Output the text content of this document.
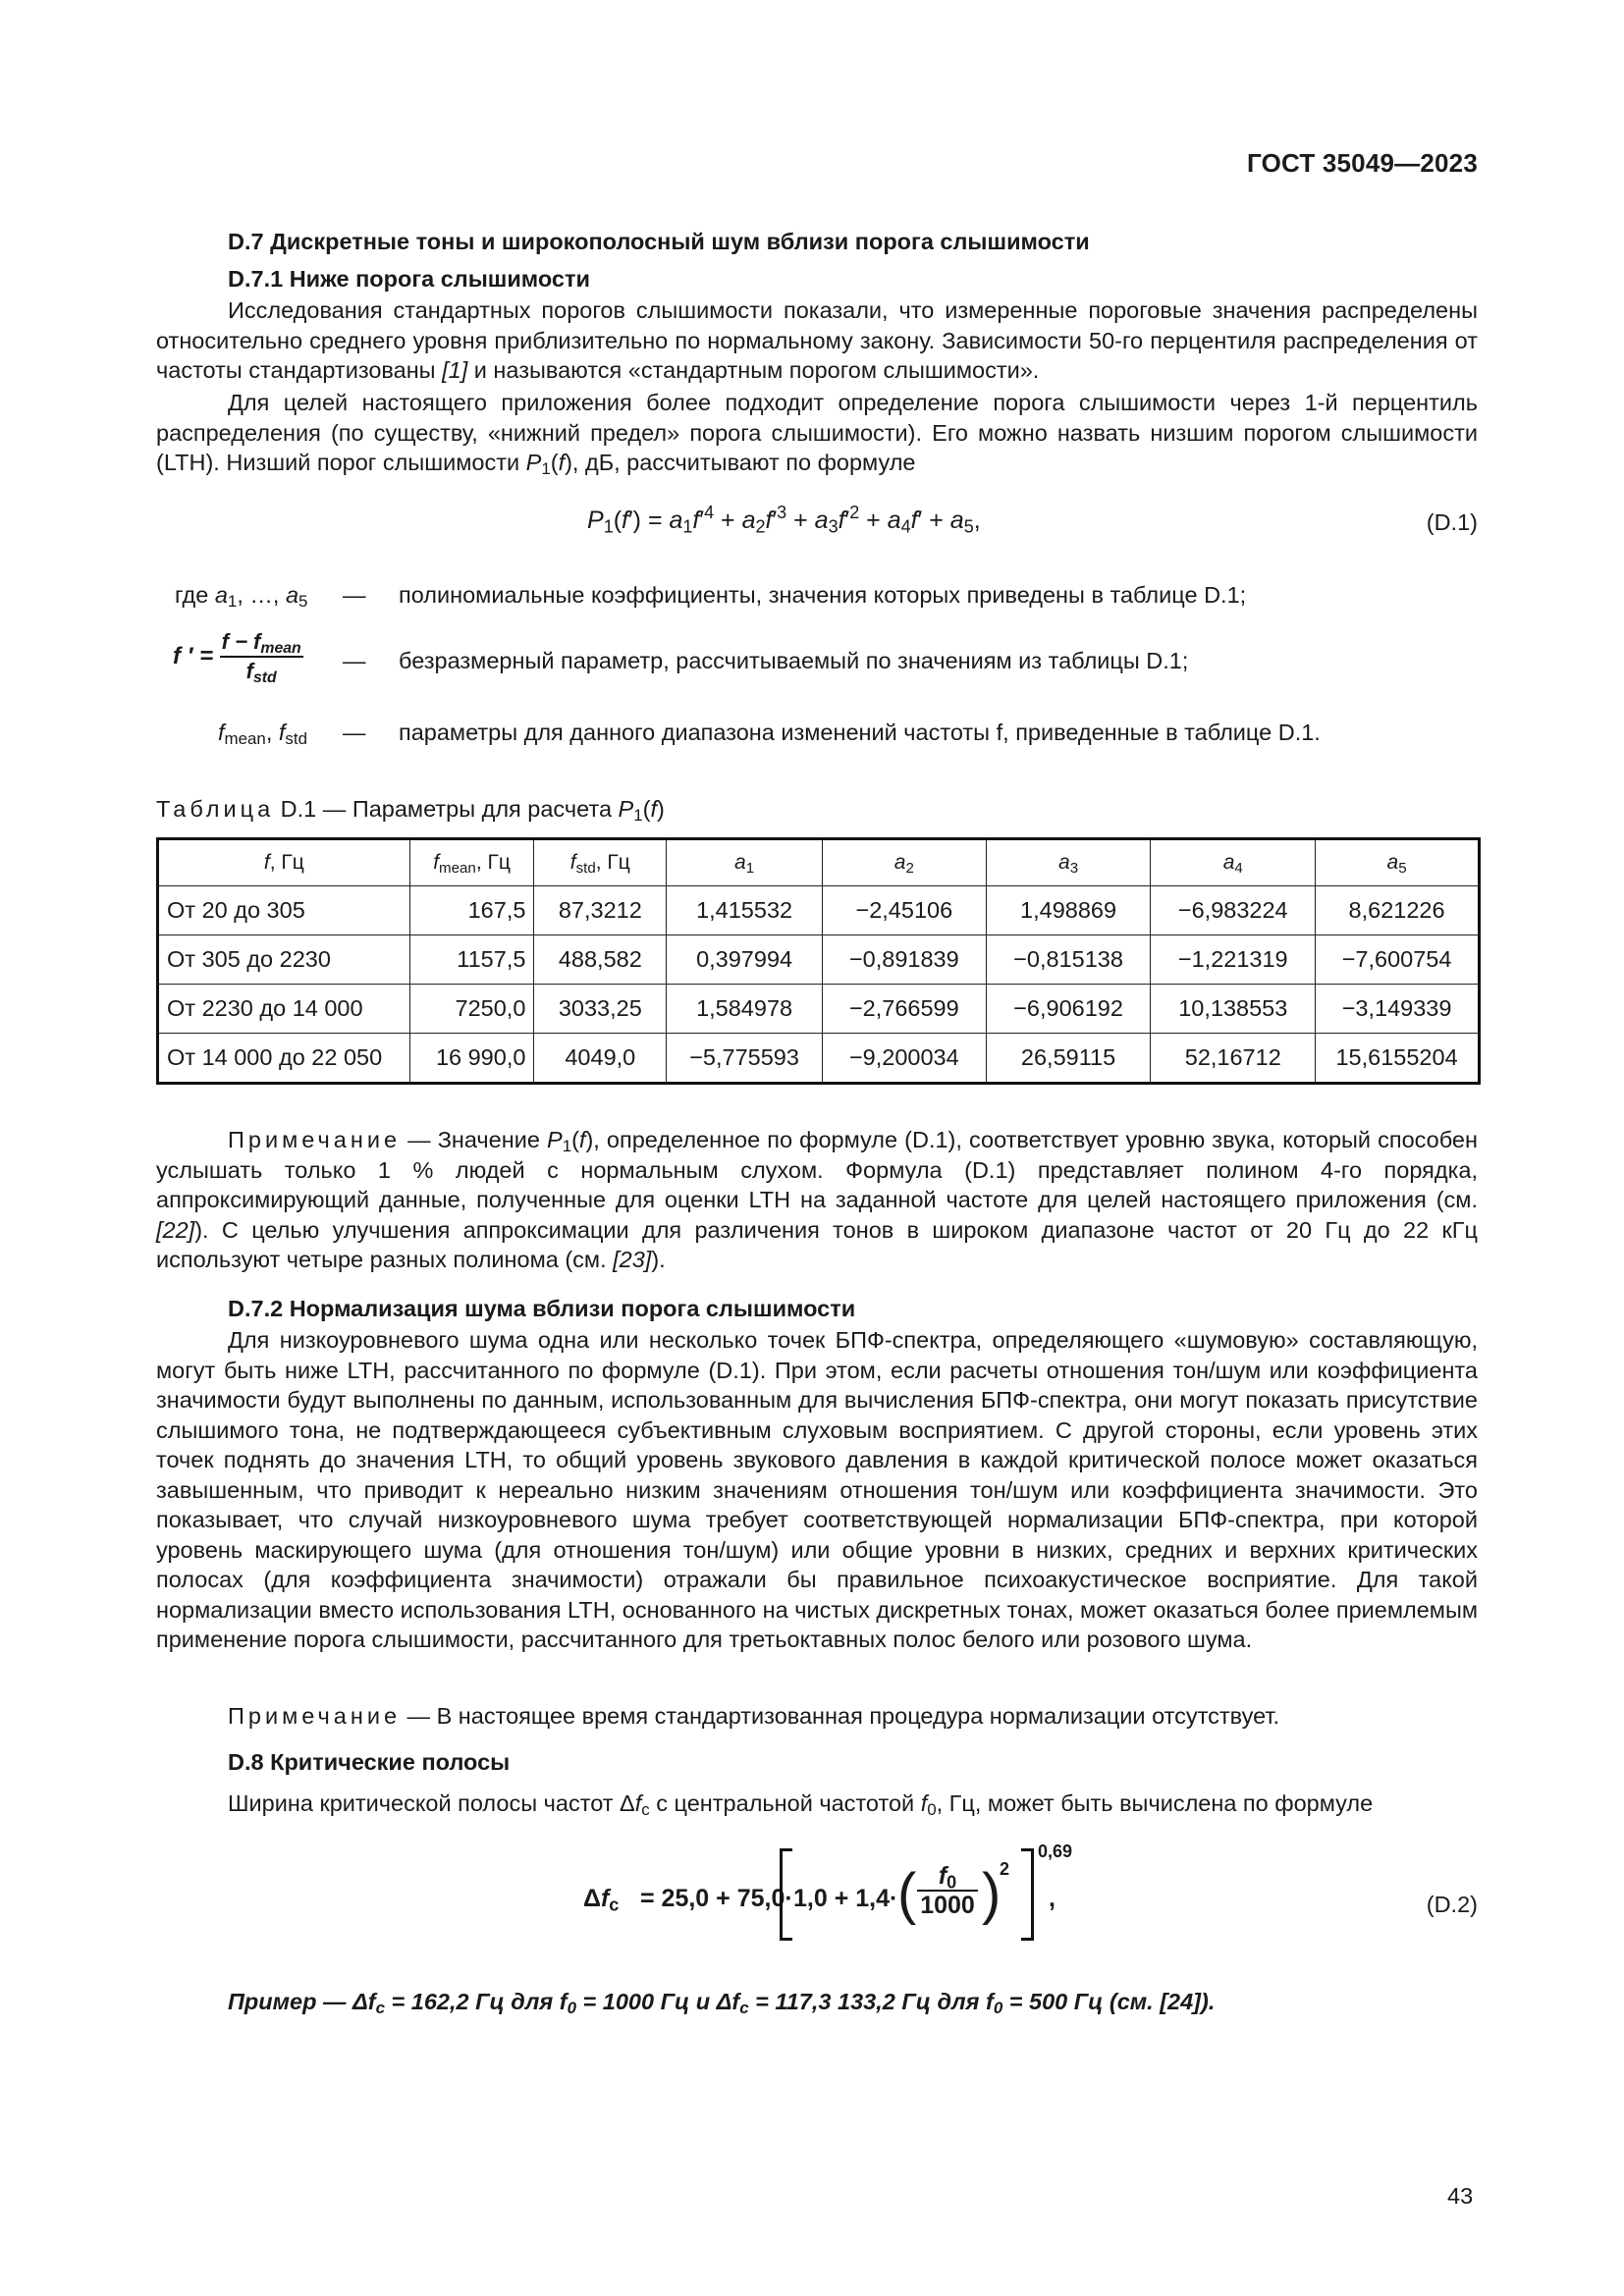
ГОСТ 35049—2023
D.7 Дискретные тоны и широкополосный шум вблизи порога слышимости
D.7.1 Ниже порога слышимости

Исследования стандартных порогов слышимости показали, что измеренные пороговые значения распределены относительно среднего уровня приблизительно по нормальному закону. Зависимости 50-го перцентиля распределения от частоты стандартизованы [1] и называются «стандартным порогом слышимости».

Для целей настоящего приложения более подходит определение порога слышимости через 1-й перцентиль распределения (по существу, «нижний предел» порога слышимости). Его можно назвать низшим порогом слышимости (LTH). Низший порог слышимости $P_1(f)$, дБ, рассчитывают по формуле

$P_1(f') = a_1f'^4 + a_2f'^3 + a_3f'^2 + a_4f' + a_5$,	(D.1)
где $a_1$, …, $a_5$ — полиномиальные коэффициенты, значения которых приведены в таблице D.1;
f ′ = $\frac{f - f_{mean}}{f_{std}}$ — безразмерный параметр, рассчитываемый по значениям из таблицы D.1;
$f_{mean}$, $f_{std}$ — параметры для данного диапазона изменений частоты f, приведенные в таблице D.1.
Таблица D.1 — Параметры для расчета $P_1(f)$
f, Гц	$f_{mean}$, Гц	$f_{std}$, Гц	$a_1$	$a_2$	$a_3$	$a_4$	$a_5$
От 20 до 305	167,5	87,3212	1,415532	−2,45106	1,498869	−6,983224	8,621226
От 305 до 2230	1157,5	488,582	0,397994	−0,891839	−0,815138	−1,221319	−7,600754
От 2230 до 14 000	7250,0	3033,25	1,584978	−2,766599	−6,906192	10,138553	−3,149339
От 14 000 до 22 050	16 990,0	4049,0	−5,775593	−9,200034	26,59115	52,16712	15,6155204

Примечание — Значение $P_1(f)$, определенное по формуле (D.1), соответствует уровню звука, который способен услышать только 1 % людей с нормальным слухом. Формула (D.1) представляет полином 4-го порядка, аппроксимирующий данные, полученные для оценки LTH на заданной частоте для целей настоящего приложения (см. [22]). С целью улучшения аппроксимации для различения тонов в широком диапазоне частот от 20 Гц до 22 кГц используют четыре разных полинома (см. [23]).

D.7.2 Нормализация шума вблизи порога слышимости

Для низкоуровневого шума одна или несколько точек БПФ-спектра, определяющего «шумовую» составляющую, могут быть ниже LTH, рассчитанного по формуле (D.1). При этом, если расчеты отношения тон/шум или коэффициента значимости будут выполнены по данным, использованным для вычисления БПФ-спектра, они могут показать присутствие слышимого тона, не подтверждающееся субъективным слуховым восприятием. С другой стороны, если уровень этих точек поднять до значения LTH, то общий уровень звукового давления в каждой критической полосе может оказаться завышенным, что приводит к нереально низким значениям отношения тон/шум или коэффициента значимости. Это показывает, что случай низкоуровневого шума требует соответствующей нормализации БПФ-спектра, при которой уровень маскирующего шума (для отношения тон/шум) или общие уровни в низких, средних и верхних критических полосах (для коэффициента значимости) отражали бы правильное психоакустическое восприятие. Для такой нормализации вместо использования LTH, основанного на чистых дискретных тонах, может оказаться более приемлемым применение порога слышимости, рассчитанного для третьоктавных полос белого или розового шума.

Примечание — В настоящее время стандартизованная процедура нормализации отсутствует.
D.8 Критические полосы
Ширина критической полосы частот $\Delta f_c$ с центральной частотой $f_0$, Гц, может быть вычислена по формуле
$\Delta f_c = 25,0 + 75,0\cdot 1,0 + 1,4\cdot$ ( $f_0$
1000 )
2
0,69
,	(D.2)
Пример — $\Delta f_c = 162,2$ Гц для $f_0 = 1000$ Гц и $\Delta f_c = 117,3$ 133,2 Гц для $f_0 = 500$ Гц (см. [24]).
43
